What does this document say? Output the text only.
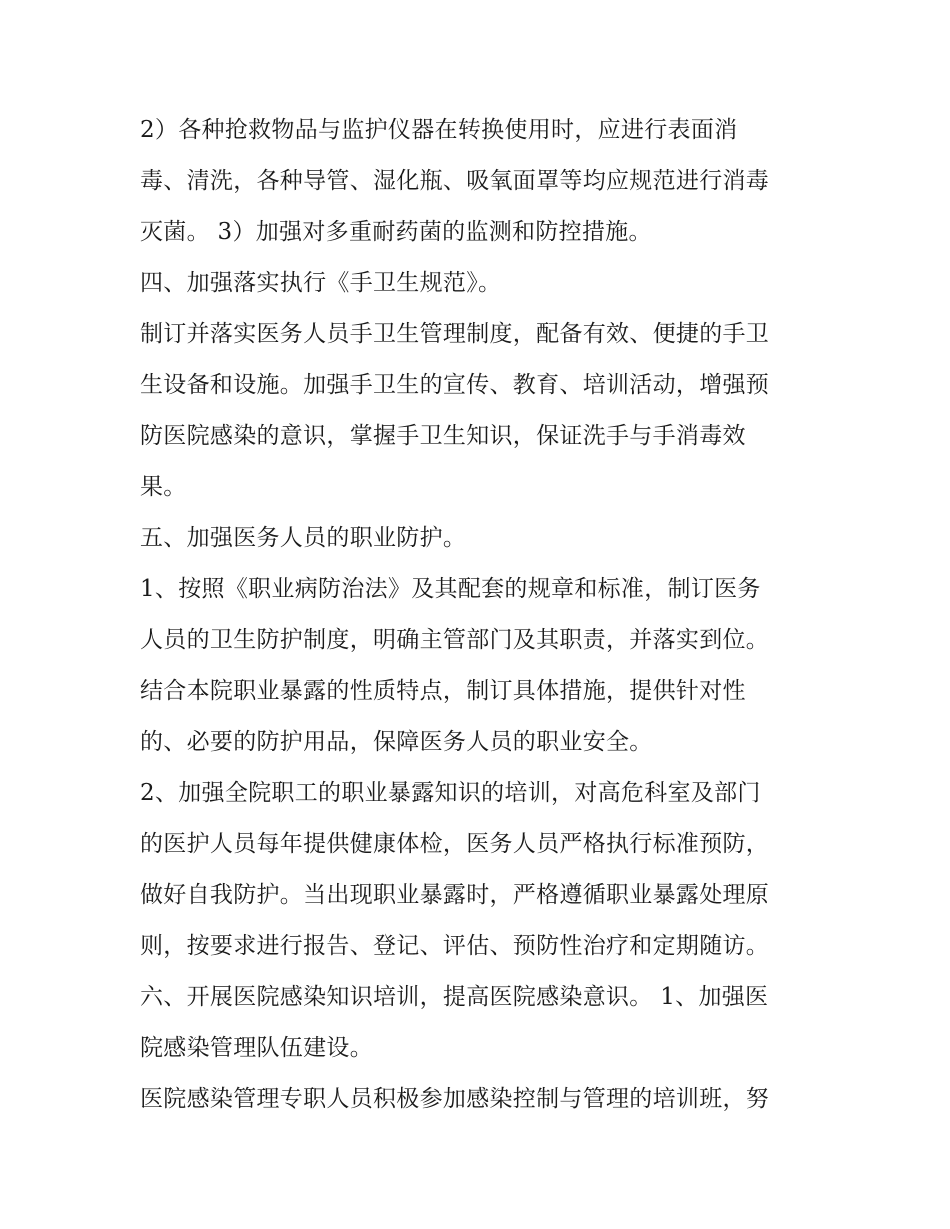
2）各种抢救物品与监护仪器在转换使用时，应进行表面消
毒、清洗，各种导管、湿化瓶、吸氧面罩等均应规范进行消毒
灭菌。 3）加强对多重耐药菌的监测和防控措施。
四、加强落实执行《手卫生规范》。
制订并落实医务人员手卫生管理制度，配备有效、便捷的手卫
生设备和设施。加强手卫生的宣传、教育、培训活动，增强预
防医院感染的意识，掌握手卫生知识，保证洗手与手消毒效
果。
五、加强医务人员的职业防护。
1、按照《职业病防治法》及其配套的规章和标准，制订医务
人员的卫生防护制度，明确主管部门及其职责，并落实到位。
结合本院职业暴露的性质特点，制订具体措施，提供针对性
的、必要的防护用品，保障医务人员的职业安全。
2、加强全院职工的职业暴露知识的培训，对高危科室及部门
的医护人员每年提供健康体检，医务人员严格执行标准预防，
做好自我防护。当出现职业暴露时，严格遵循职业暴露处理原
则，按要求进行报告、登记、评估、预防性治疗和定期随访。
六、开展医院感染知识培训，提高医院感染意识。 1、加强医
院感染管理队伍建设。
医院感染管理专职人员积极参加感染控制与管理的培训班，努
